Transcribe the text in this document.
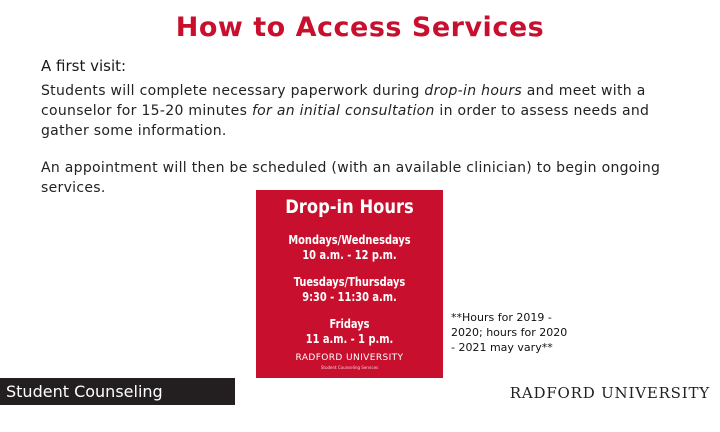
How to Access Services
A first visit:
Students will complete necessary paperwork during drop-in hours and meet with a counselor for 15-20 minutes for an initial consultation in order to assess needs and gather some information.
An appointment will then be scheduled (with an available clinician) to begin ongoing services.
Drop-in Hours
Mondays/Wednesdays
10 a.m. - 12 p.m.
Tuesdays/Thursdays
9:30 - 11:30 a.m.
Fridays
11 a.m. - 1 p.m.
RADFORD UNIVERSITY
Student Counseling Services
**Hours for 2019 - 2020; hours for 2020 - 2021 may vary**
Student Counseling Services
RADFORD UNIVERSITY
